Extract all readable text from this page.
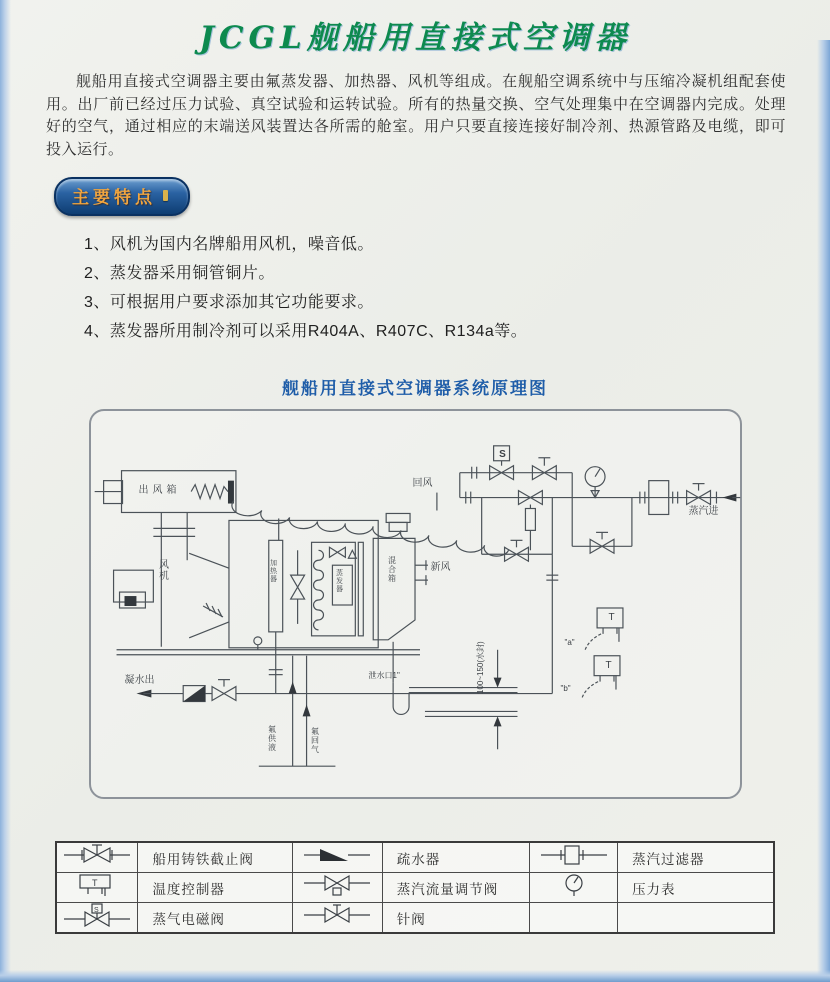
JCGL舰船用直接式空调器
舰船用直接式空调器主要由氟蒸发器、加热器、风机等组成。在舰船空调系统中与压缩冷凝机组配套使用。出厂前已经过压力试验、真空试验和运转试验。所有的热量交换、空气处理集中在空调器内完成。处理好的空气，通过相应的末端送风装置达各所需的舱室。用户只要直接连接好制冷剂、热源管路及电缆，即可投入运行。
主要特点
1、风机为国内名牌船用风机，噪音低。
2、蒸发器采用铜管铜片。
3、可根据用户要求添加其它功能要求。
4、蒸发器所用制冷剂可以采用R404A、R407C、R134a等。
舰船用直接式空调器系统原理图
出风箱
风机	加热器	蒸发器	混合箱	新风
回风
蒸汽进
凝水出
氟供液	氟回气
泄水口1"	100~150(水封)
S
T
T
"a"
"b"
	船用铸铁截止阀		疏水器		蒸汽过滤器

T	温度控制器		蒸汽流量调节阀		压力表

S	蒸气电磁阀		针阀		
